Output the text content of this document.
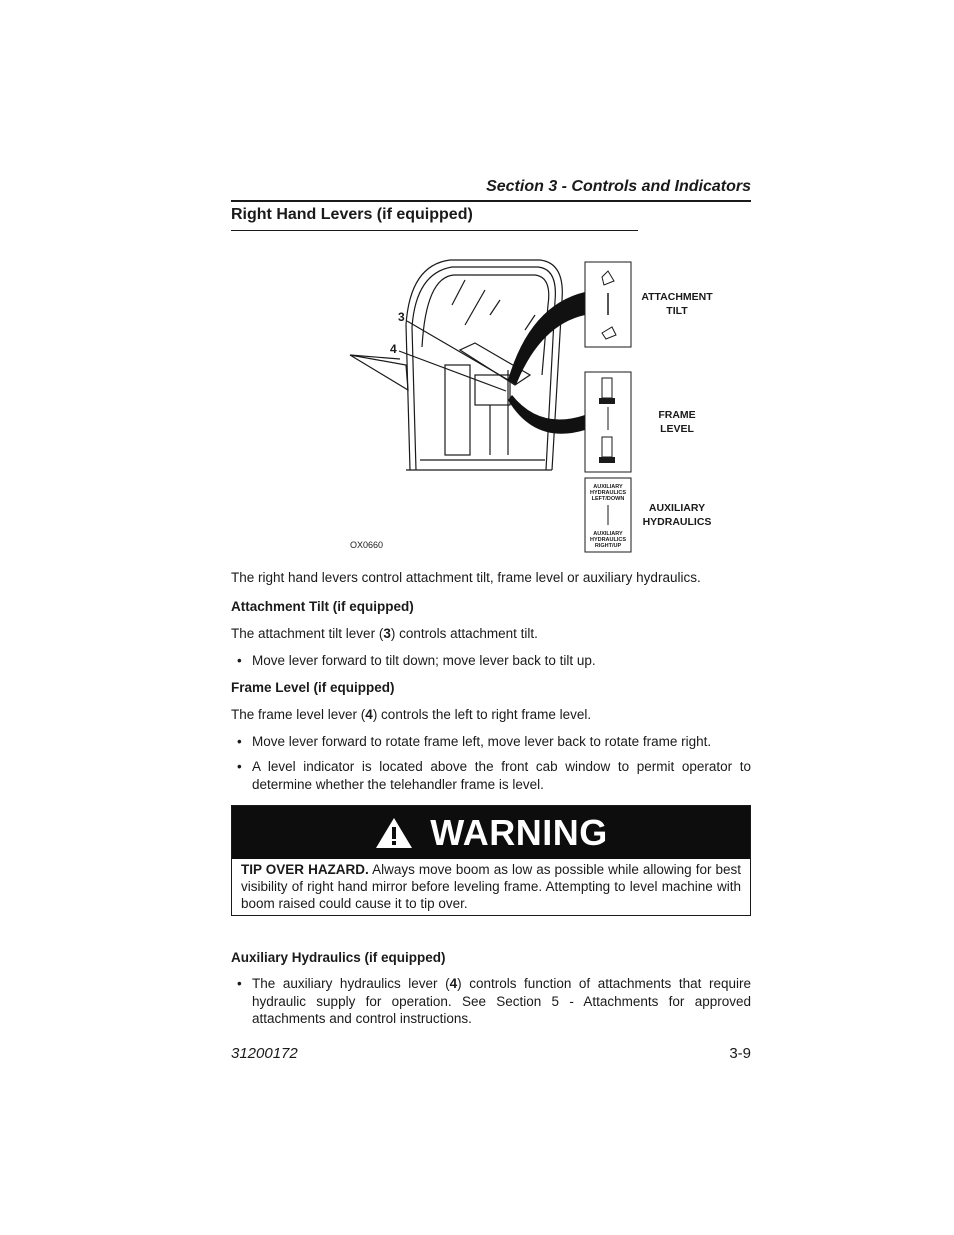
Section 3 - Controls and Indicators
Right Hand Levers (if equipped)
3
4
ATTACHMENT
TILT
FRAME
LEVEL
AUXILIARY
HYDRAULICS
LEFT/DOWN
AUXILIARY
HYDRAULICS
RIGHT/UP
AUXILIARY
HYDRAULICS
OX0660
The right hand levers control attachment tilt, frame level or auxiliary hydraulics.
Attachment Tilt (if equipped)
The attachment tilt lever (3) controls attachment tilt.
• Move lever forward to tilt down; move lever back to tilt up.
Frame Level (if equipped)
The frame level lever (4) controls the left to right frame level.
• Move lever forward to rotate frame left, move lever back to rotate frame right.
• A level indicator is located above the front cab window to permit operator to determine whether the telehandler frame is level.
WARNING
TIP OVER HAZARD. Always move boom as low as possible while allowing for best visibility of right hand mirror before leveling frame. Attempting to level machine with boom raised could cause it to tip over.
Auxiliary Hydraulics (if equipped)
• The auxiliary hydraulics lever (4) controls function of attachments that require hydraulic supply for operation. See Section 5 - Attachments for approved attachments and control instructions.
31200172	3-9
